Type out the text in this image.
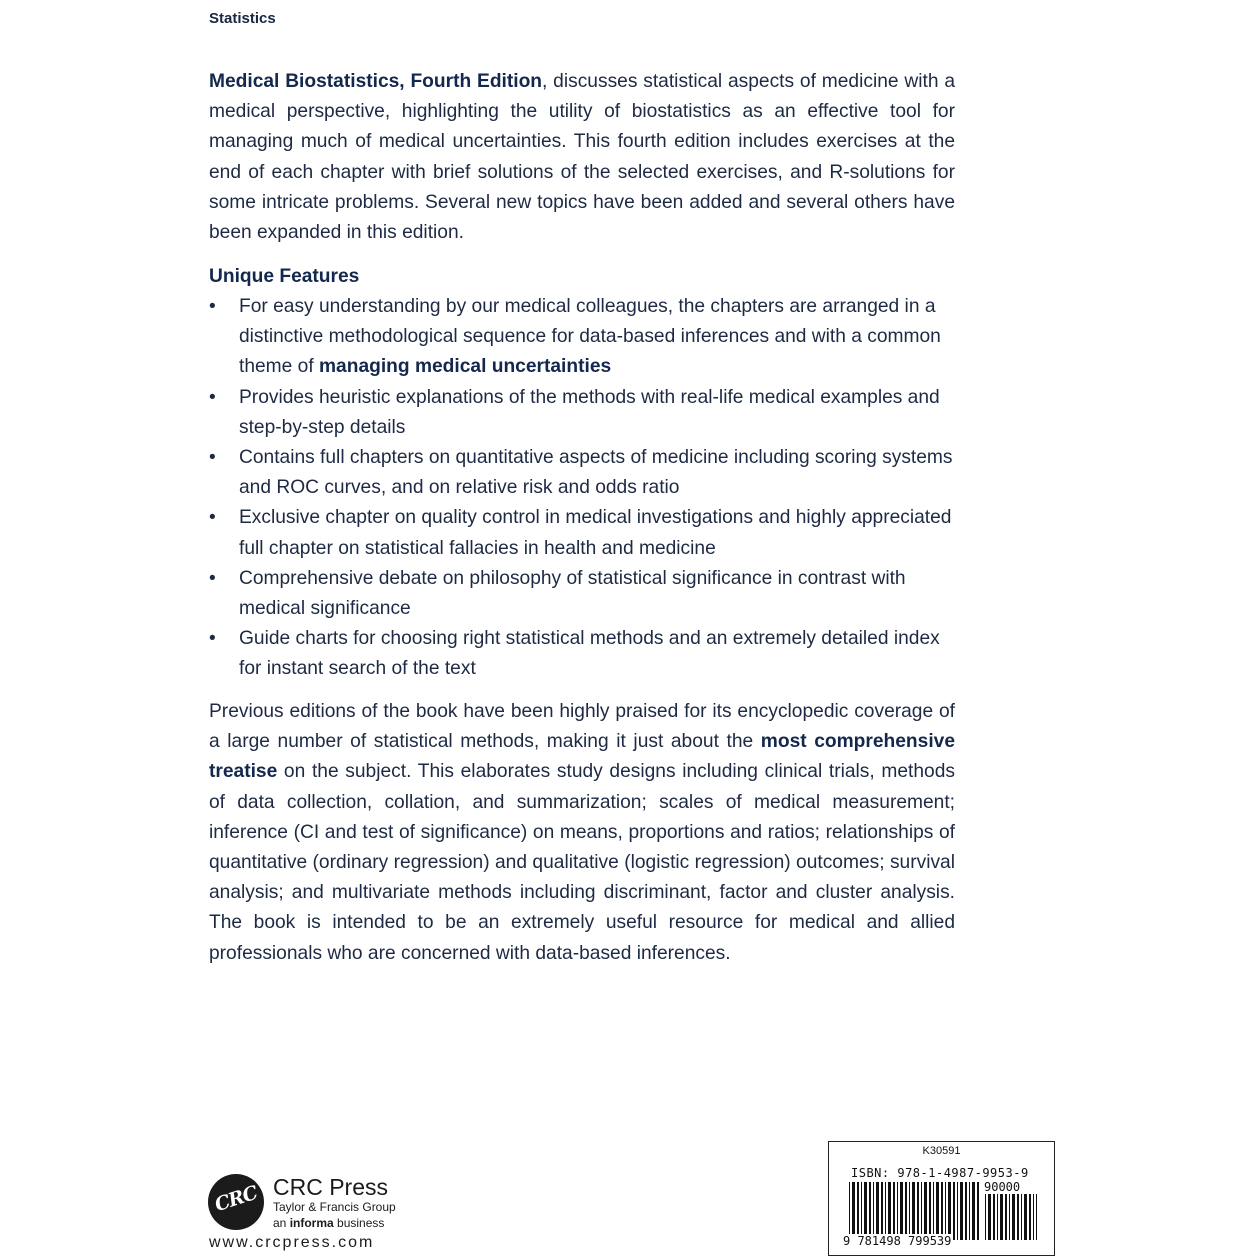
Statistics
Medical Biostatistics, Fourth Edition, discusses statistical aspects of medicine with a medical perspective, highlighting the utility of biostatistics as an effective tool for managing much of medical uncertainties. This fourth edition includes exercises at the end of each chapter with brief solutions of the selected exercises, and R-solutions for some intricate problems. Several new topics have been added and several others have been expanded in this edition.
Unique Features
• For easy understanding by our medical colleagues, the chapters are arranged in a distinctive methodological sequence for data-based inferences and with a common theme of managing medical uncertainties
• Provides heuristic explanations of the methods with real-life medical examples and step-by-step details
• Contains full chapters on quantitative aspects of medicine including scoring systems and ROC curves, and on relative risk and odds ratio
• Exclusive chapter on quality control in medical investigations and highly appreciated full chapter on statistical fallacies in health and medicine
• Comprehensive debate on philosophy of statistical significance in contrast with medical significance
• Guide charts for choosing right statistical methods and an extremely detailed index for instant search of the text
Previous editions of the book have been highly praised for its encyclopedic coverage of a large number of statistical methods, making it just about the most comprehensive treatise on the subject. This elaborates study designs including clinical trials, methods of data collection, collation, and summarization; scales of medical measurement; inference (CI and test of significance) on means, proportions and ratios; relationships of quantitative (ordinary regression) and qualitative (logistic regression) outcomes; survival analysis; and multivariate methods including discriminant, factor and cluster analysis. The book is intended to be an extremely useful resource for medical and allied professionals who are concerned with data-based inferences.
CRC CRC Press
Taylor & Francis Group
an informa business
www.crcpress.com
K30591
ISBN: 978-1-4987-9953-9
90000
9 781498 799539
